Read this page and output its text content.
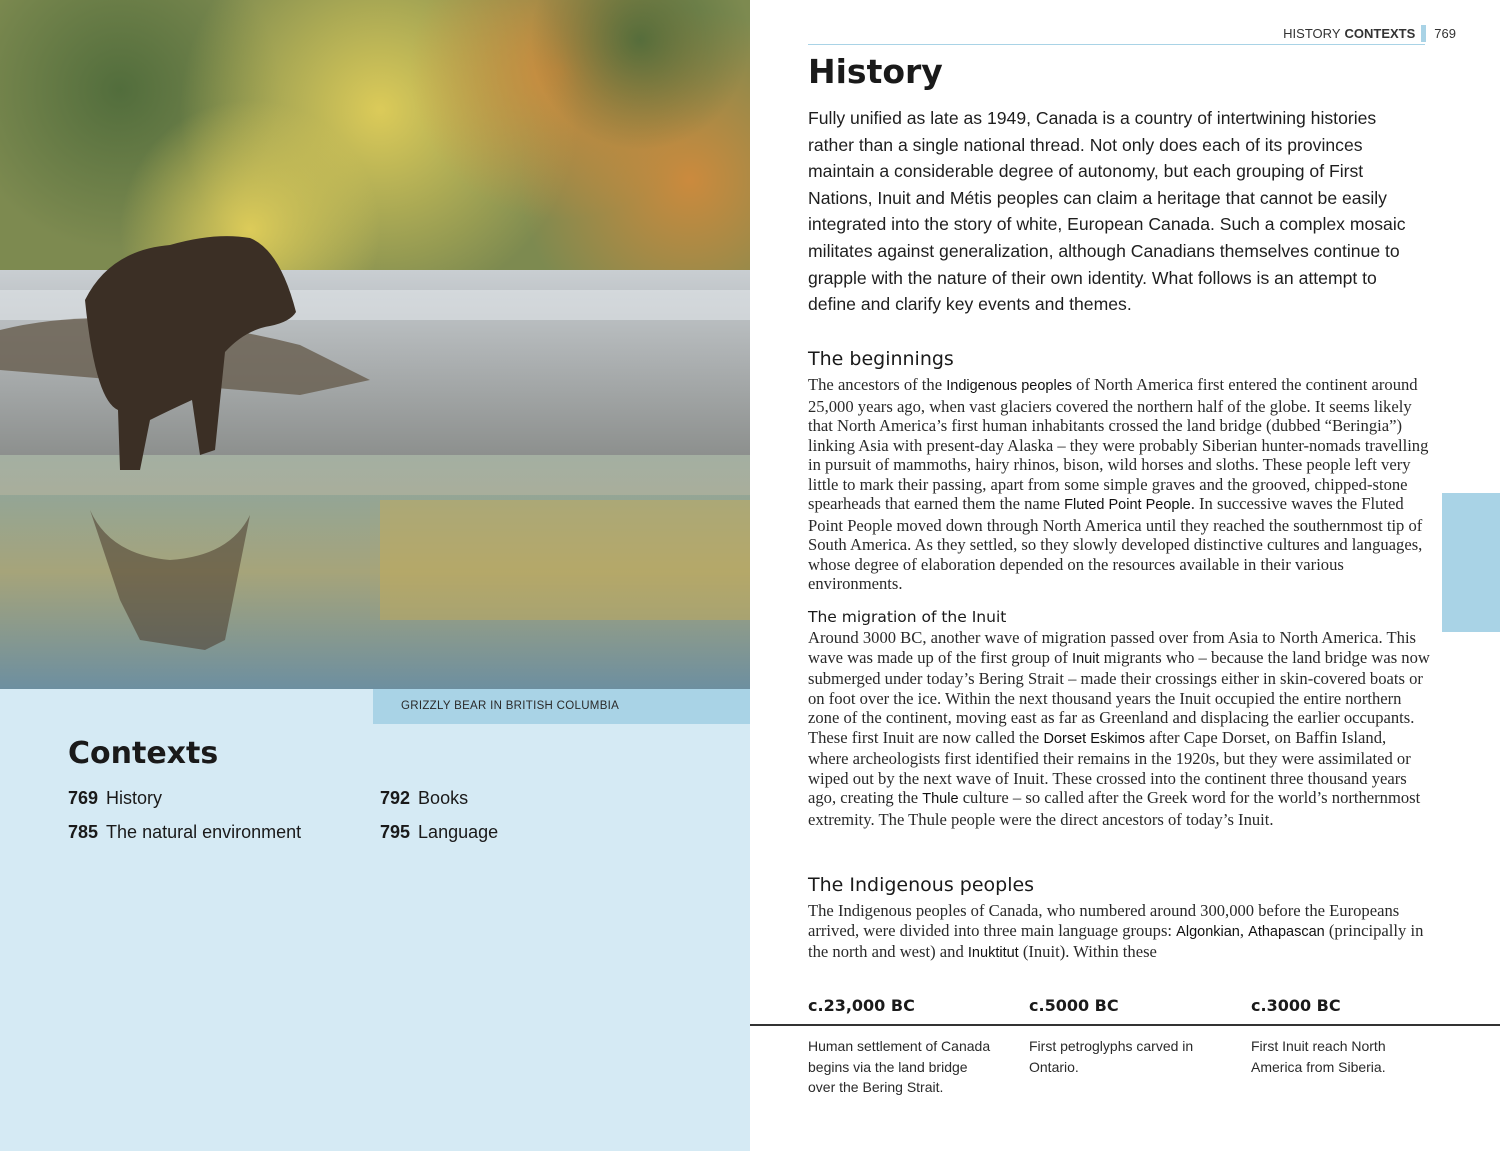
GRIZZLY BEAR IN BRITISH COLUMBIA
Contexts
769 History
785 The natural environment
792 Books
795 Language
HISTORY CONTEXTS 769
History

Fully unified as late as 1949, Canada is a country of intertwining histories rather than a single national thread. Not only does each of its provinces maintain a considerable degree of autonomy, but each grouping of First Nations, Inuit and Métis peoples can claim a heritage that cannot be easily integrated into the story of white, European Canada. Such a complex mosaic militates against generalization, although Canadians themselves continue to grapple with the nature of their own identity. What follows is an attempt to define and clarify key events and themes.

The beginnings

The ancestors of the Indigenous peoples of North America first entered the continent around 25,000 years ago, when vast glaciers covered the northern half of the globe. It seems likely that North America’s first human inhabitants crossed the land bridge (dubbed “Beringia”) linking Asia with present-day Alaska – they were probably Siberian hunter-nomads travelling in pursuit of mammoths, hairy rhinos, bison, wild horses and sloths. These people left very little to mark their passing, apart from some simple graves and the grooved, chipped-stone spearheads that earned them the name Fluted Point People. In successive waves the Fluted Point People moved down through North America until they reached the southernmost tip of South America. As they settled, so they slowly developed distinctive cultures and languages, whose degree of elaboration depended on the resources available in their various environments.

The migration of the Inuit

Around 3000 BC, another wave of migration passed over from Asia to North America. This wave was made up of the first group of Inuit migrants who – because the land bridge was now submerged under today’s Bering Strait – made their crossings either in skin-covered boats or on foot over the ice. Within the next thousand years the Inuit occupied the entire northern zone of the continent, moving east as far as Greenland and displacing the earlier occupants. These first Inuit are now called the Dorset Eskimos after Cape Dorset, on Baffin Island, where archeologists first identified their remains in the 1920s, but they were assimilated or wiped out by the next wave of Inuit. These crossed into the continent three thousand years ago, creating the Thule culture – so called after the Greek word for the world’s northernmost extremity. The Thule people were the direct ancestors of today’s Inuit.

The Indigenous peoples

The Indigenous peoples of Canada, who numbered around 300,000 before the Europeans arrived, were divided into three main language groups: Algonkian, Athapascan (principally in the north and west) and Inuktitut (Inuit). Within these

c.23,000 BC	c.5000 BC	c.3000 BC
Human settlement of Canada begins via the land bridge over the Bering Strait.
First petroglyphs carved in Ontario.
First Inuit reach North America from Siberia.
